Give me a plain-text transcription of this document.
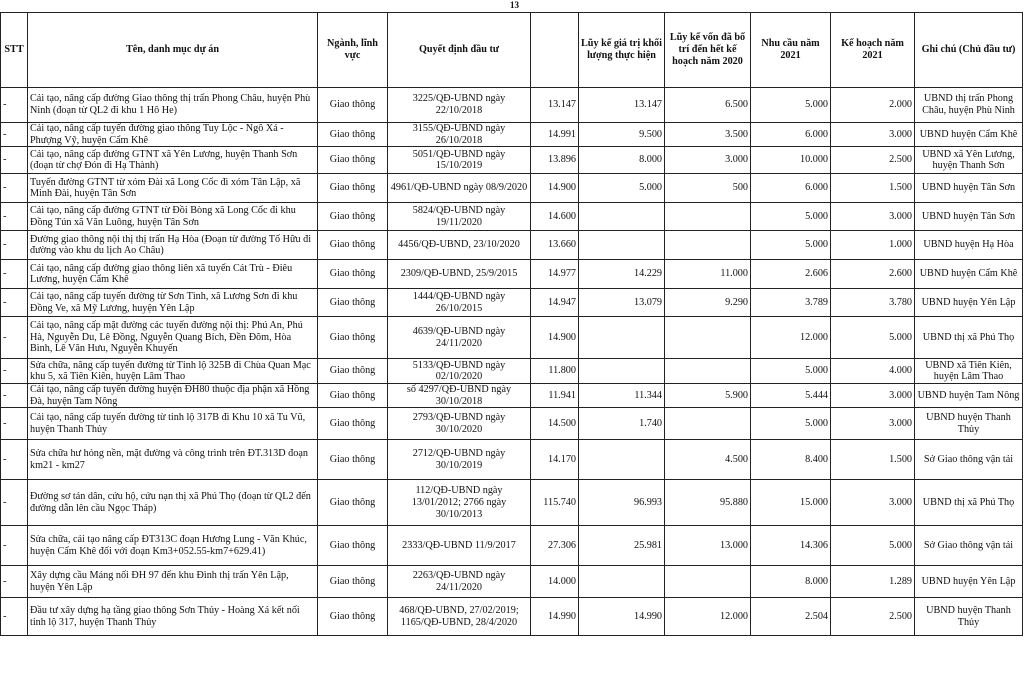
13
STT	Tên, danh mục dự án	Ngành, lĩnh vực	Quyết định đầu tư		Lũy kế giá trị khối lượng thực hiện	Lũy kế vốn đã bố trí đến hết kế hoạch năm 2020	Nhu cầu năm 2021	Kế hoạch năm 2021	Ghi chú (Chủ đầu tư)
-	Cải tạo, nâng cấp đường Giao thông thị trấn Phong Châu, huyện Phù Ninh (đoạn từ QL2 đi khu 1 Hô He)	Giao thông	3225/QĐ-UBND ngày 22/10/2018	13.147	13.147	6.500	5.000	2.000	UBND thị trấn Phong Châu, huyện Phù Ninh
-	Cải tạo, nâng cấp tuyến đường giao thông Tuy Lộc - Ngô Xá - Phượng Vỹ, huyện Cẩm Khê	Giao thông	3155/QĐ-UBND ngày 26/10/2018	14.991	9.500	3.500	6.000	3.000	UBND huyện Cẩm Khê
-	Cải tạo, nâng cấp đường GTNT xã Yên Lương, huyện Thanh Sơn (đoạn từ chợ Đón đi Hạ Thành)	Giao thông	5051/QĐ-UBND ngày 15/10/2019	13.896	8.000	3.000	10.000	2.500	UBND xã Yên Lương, huyện Thanh Sơn
-	Tuyến đường GTNT từ xóm Đài xã Long Cốc đi xóm Tân Lập, xã Minh Đài, huyện Tân Sơn	Giao thông	4961/QĐ-UBND ngày 08/9/2020	14.900	5.000	500	6.000	1.500	UBND huyện Tân Sơn
-	Cải tạo, nâng cấp đường GTNT từ Đồi Bòng xã Long Cốc đi khu Đồng Tún xã Văn Luông, huyện Tân Sơn	Giao thông	5824/QĐ-UBND ngày 19/11/2020	14.600			5.000	3.000	UBND huyện Tân Sơn
-	Đường giao thông nội thị thị trấn Hạ Hòa (Đoạn từ đường Tố Hữu đi đường vào khu du lịch Ao Châu)	Giao thông	4456/QĐ-UBND, 23/10/2020	13.660			5.000	1.000	UBND huyện Hạ Hòa
-	Cải tạo, nâng cấp đường giao thông liên xã tuyến Cát Trù - Điêu Lương, huyện Cẩm Khê	Giao thông	2309/QĐ-UBND, 25/9/2015	14.977	14.229	11.000	2.606	2.600	UBND huyện Cẩm Khê
-	Cải tạo, nâng cấp tuyến đường từ Sơn Tình, xã Lương Sơn đi khu Đồng Ve, xã Mỹ Lương, huyện Yên Lập	Giao thông	1444/QĐ-UBND ngày 26/10/2015	14.947	13.079	9.290	3.789	3.780	UBND huyện Yên Lập
-	Cải tạo, nâng cấp mặt đường các tuyến đường nội thị: Phú An, Phú Hà, Nguyễn Du, Lê Đồng, Nguyễn Quang Bích, Đền Đõm, Hòa Bình, Lê Văn Hưu, Nguyễn Khuyến	Giao thông	4639/QĐ-UBND ngày 24/11/2020	14.900			12.000	5.000	UBND thị xã Phú Thọ
-	Sửa chữa, nâng cấp tuyến đường từ Tỉnh lộ 325B đi Chùa Quan Mạc khu 5, xã Tiên Kiên, huyện Lâm Thao	Giao thông	5133/QĐ-UBND ngày 02/10/2020	11.800			5.000	4.000	UBND xã Tiên Kiên, huyện Lâm Thao
-	Cải tạo, nâng cấp tuyến đường huyện ĐH80 thuộc địa phận xã Hồng Đà, huyện Tam Nông	Giao thông	số 4297/QĐ-UBND ngày 30/10/2018	11.941	11.344	5.900	5.444	3.000	UBND huyện Tam Nông
-	Cải tạo, nâng cấp tuyến đường từ tỉnh lộ 317B đi Khu 10 xã Tu Vũ, huyện Thanh Thủy	Giao thông	2793/QĐ-UBND ngày 30/10/2020	14.500	1.740		5.000	3.000	UBND huyện Thanh Thủy
-	Sửa chữa hư hỏng nền, mặt đường và công trình trên ĐT.313D đoạn km21 - km27	Giao thông	2712/QĐ-UBND ngày 30/10/2019	14.170		4.500	8.400	1.500	Sở Giao thông vận tải
-	Đường sơ tán dân, cứu hộ, cứu nạn thị xã Phú Thọ (đoạn từ QL2 đến đường dẫn lên cầu Ngọc Tháp)	Giao thông	112/QĐ-UBND ngày 13/01/2012; 2766 ngày 30/10/2013	115.740	96.993	95.880	15.000	3.000	UBND thị xã Phú Thọ
-	Sửa chữa, cải tạo nâng cấp ĐT313C đoạn Hương Lung - Văn Khúc, huyện Cẩm Khê đối với đoạn Km3+052.55-km7+629.41)	Giao thông	2333/QĐ-UBND 11/9/2017	27.306	25.981	13.000	14.306	5.000	Sở Giao thông vận tải
-	Xây dựng cầu Máng nối ĐH 97 đến khu Đình thị trấn Yên Lập, huyện Yên Lập	Giao thông	2263/QĐ-UBND ngày 24/11/2020	14.000			8.000	1.289	UBND huyện Yên Lập
-	Đầu tư xây dựng hạ tầng giao thông Sơn Thủy - Hoàng Xá kết nối tỉnh lộ 317, huyện Thanh Thủy	Giao thông	468/QĐ-UBND, 27/02/2019; 1165/QĐ-UBND, 28/4/2020	14.990	14.990	12.000	2.504	2.500	UBND huyện Thanh Thủy
